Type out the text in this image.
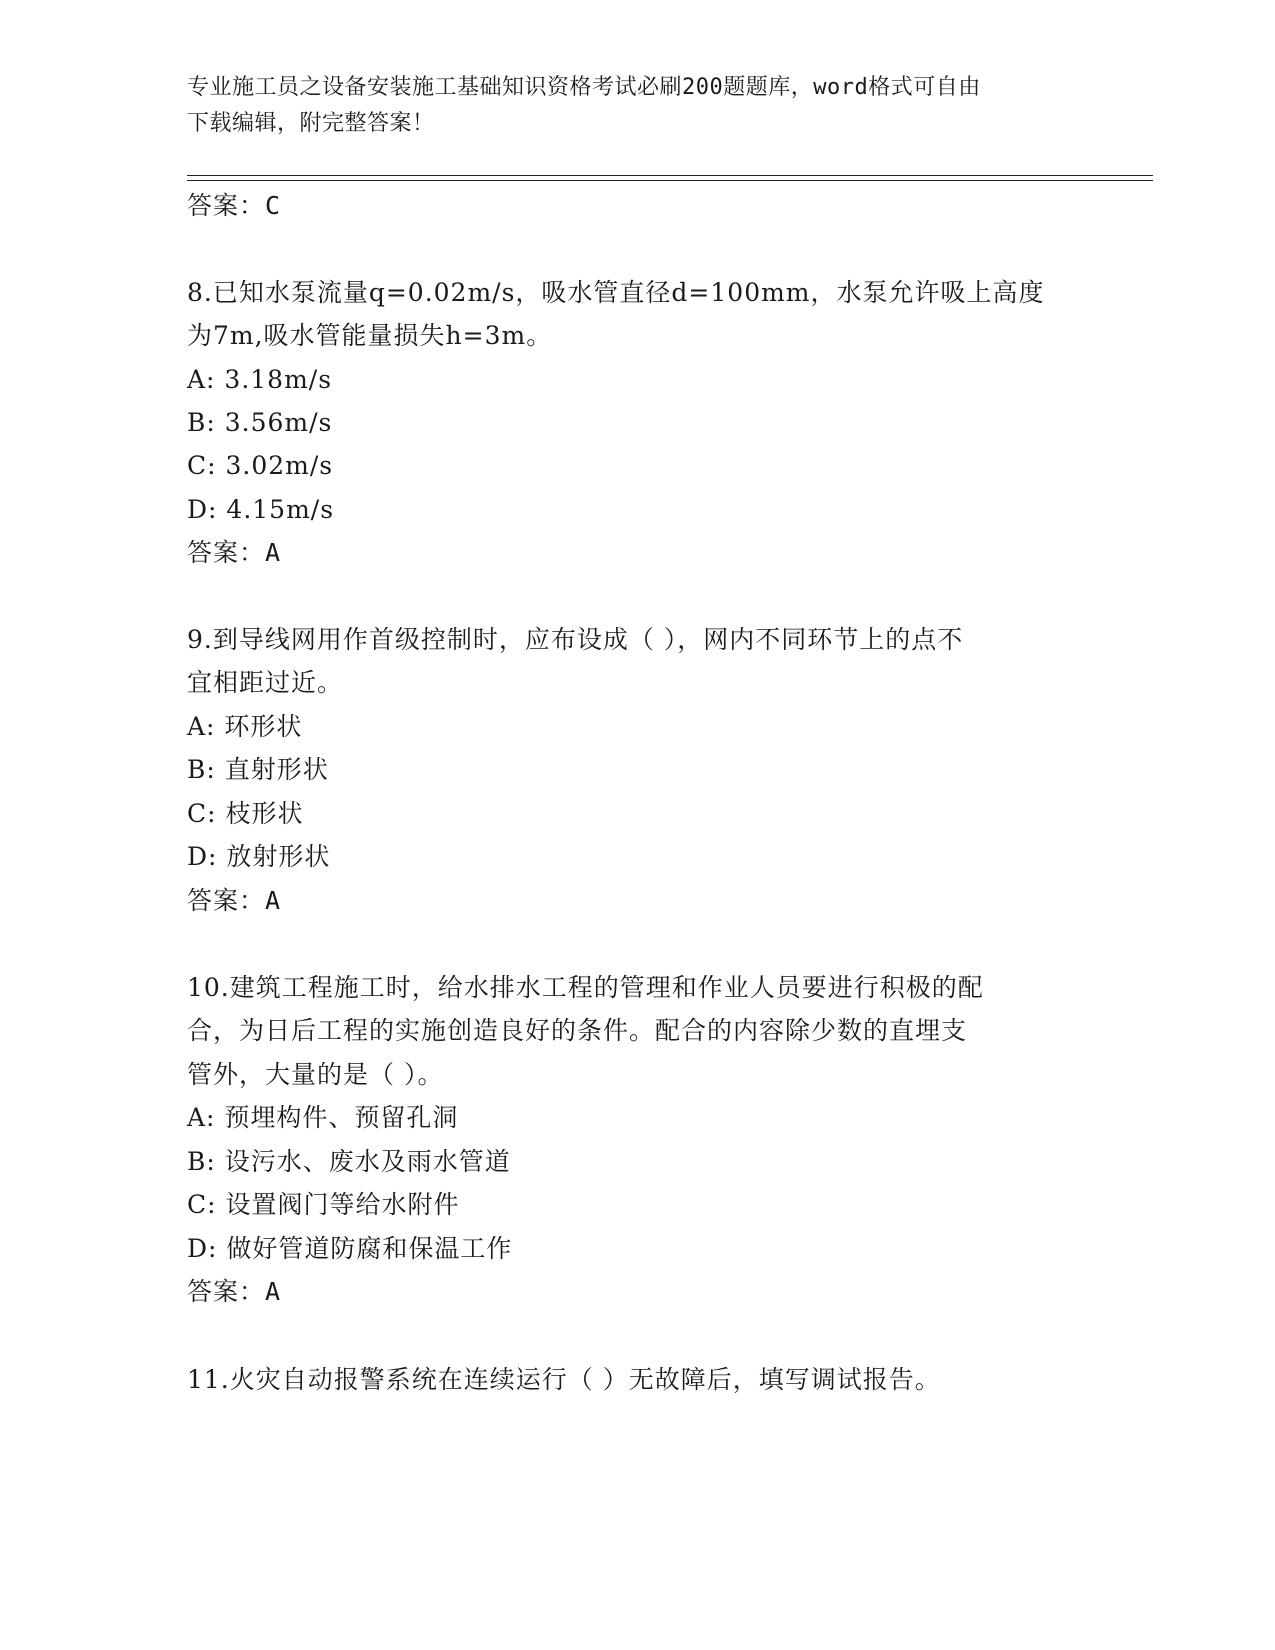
专业施工员之设备安装施工基础知识资格考试必刷200题题库，word格式可自由
下载编辑，附完整答案！
答案：C
8.已知水泵流量q=0.02m/s，吸水管直径d=100mm，水泵允许吸上高度
为7m,吸水管能量损失h=3m。
A: 3.18m/s
B: 3.56m/s
C: 3.02m/s
D: 4.15m/s
答案：A
9.到导线网用作首级控制时，应布设成（ ），网内不同环节上的点不
宜相距过近。
A: 环形状
B: 直射形状
C: 枝形状
D: 放射形状
答案：A
10.建筑工程施工时，给水排水工程的管理和作业人员要进行积极的配
合，为日后工程的实施创造良好的条件。配合的内容除少数的直埋支
管外，大量的是（ ）。
A: 预埋构件、预留孔洞
B: 设污水、废水及雨水管道
C: 设置阀门等给水附件
D: 做好管道防腐和保温工作
答案：A
11.火灾自动报警系统在连续运行（ ）无故障后，填写调试报告。
